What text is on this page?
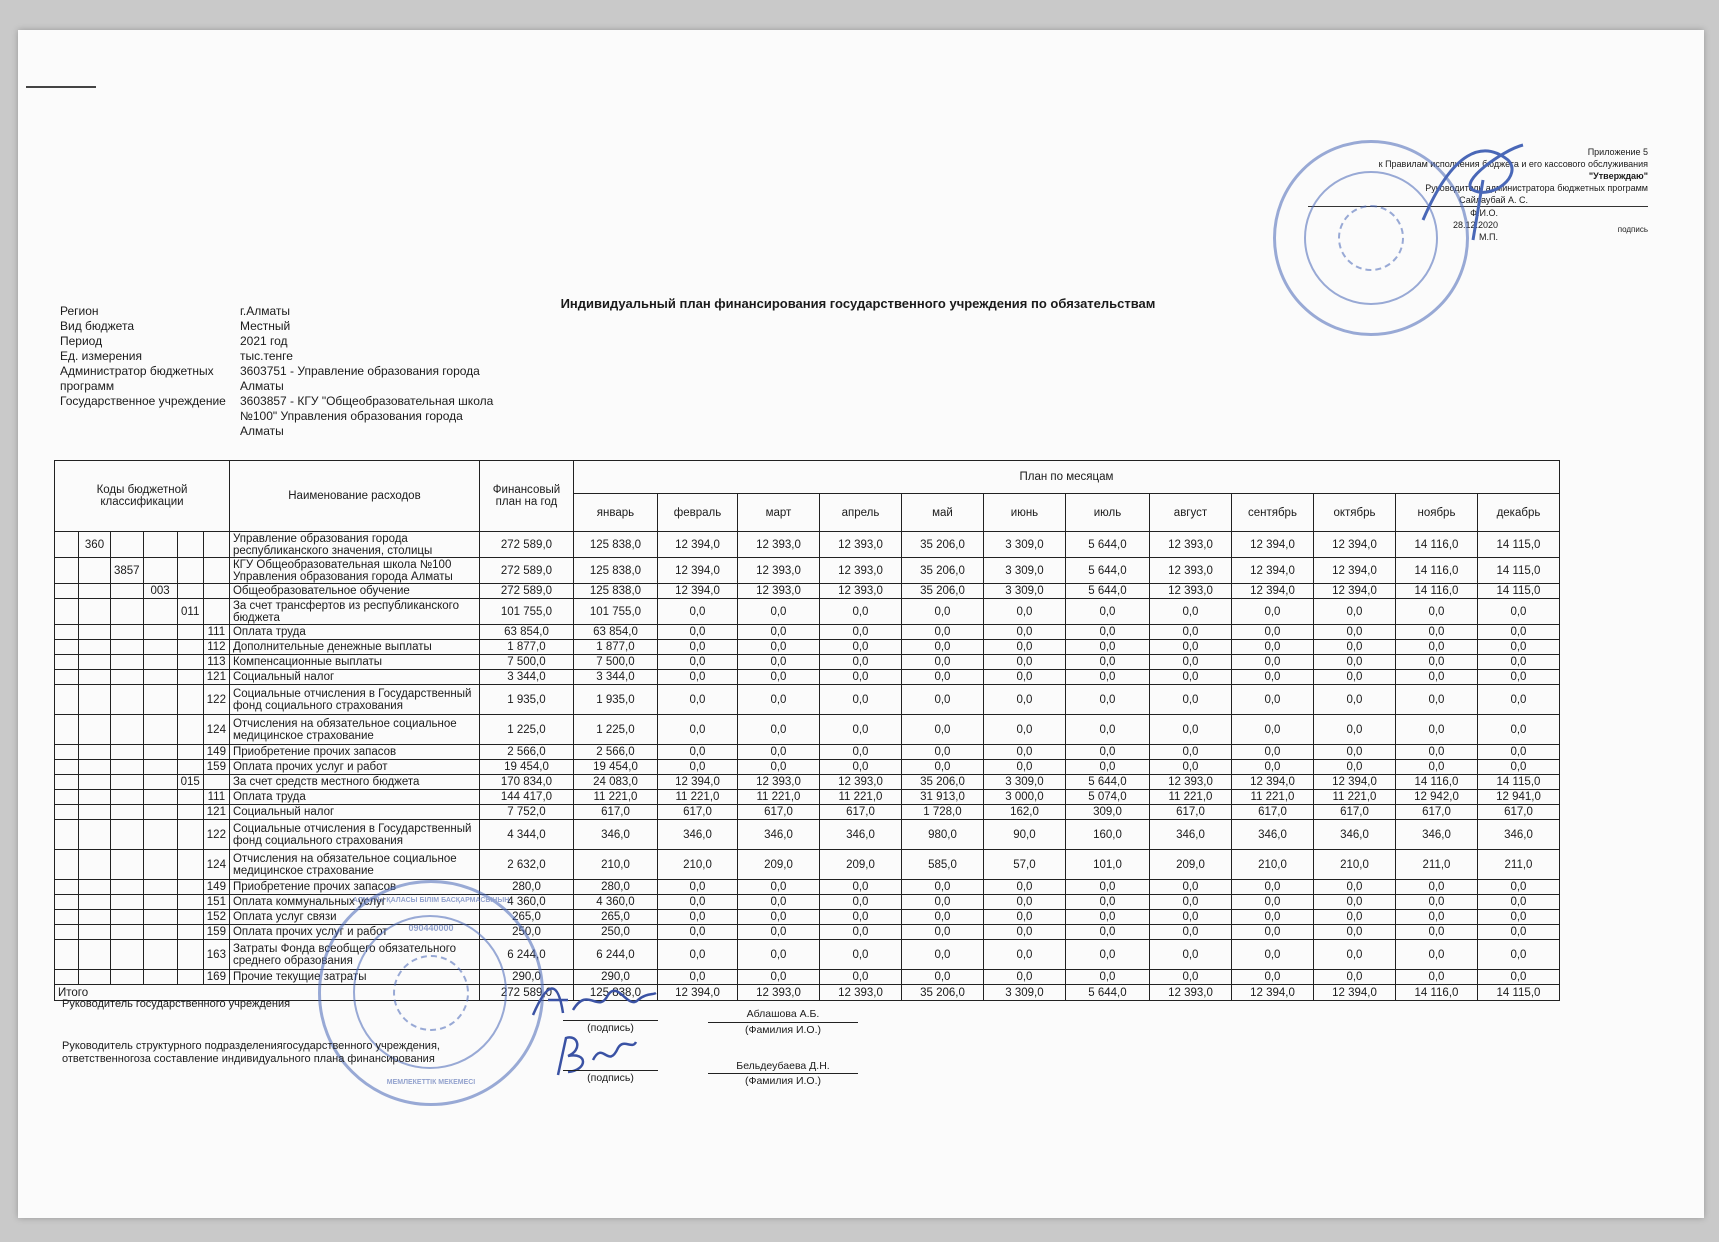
Приложение 5
к Правилам исполнения бюджета и его кассового обслуживания
"Утверждаю"
Руководитель администратора бюджетных программ
Сайлаубай А. С.
Ф.И.О.
подпись
28.12.2020
М.П.
Индивидуальный план финансирования государственного учреждения по обязательствам
Регион	г.Алматы
Вид бюджета	Местный
Период	2021 год
Ед. измерения	тыс.тенге
Администратор бюджетных программ
3603751 - Управление образования города Алматы
Государственное учреждение	3603857 - КГУ "Общеобразовательная школа №100" Управления образования города Алматы
Коды бюджетной классификации						Наименование расходов	Финансовый план на год	План по месяцам											
								январь	февраль	март	апрель	май	июнь	июль	август	сентябрь	октябрь	ноябрь	декабрь
	360					Управление образования города республиканского значения, столицы	272 589,0	125 838,0	12 394,0	12 393,0	12 393,0	35 206,0	3 309,0	5 644,0	12 393,0	12 394,0	12 394,0	14 116,0	14 115,0
		3857				КГУ Общеобразовательная школа №100 Управления образования города Алматы	272 589,0	125 838,0	12 394,0	12 393,0	12 393,0	35 206,0	3 309,0	5 644,0	12 393,0	12 394,0	12 394,0	14 116,0	14 115,0
			003			Общеобразовательное обучение	272 589,0	125 838,0	12 394,0	12 393,0	12 393,0	35 206,0	3 309,0	5 644,0	12 393,0	12 394,0	12 394,0	14 116,0	14 115,0
				011		За счет трансфертов из республиканского бюджета	101 755,0	101 755,0	0,0	0,0	0,0	0,0	0,0	0,0	0,0	0,0	0,0	0,0	0,0
					111	Оплата труда	63 854,0	63 854,0	0,0	0,0	0,0	0,0	0,0	0,0	0,0	0,0	0,0	0,0	0,0
					112	Дополнительные денежные выплаты	1 877,0	1 877,0	0,0	0,0	0,0	0,0	0,0	0,0	0,0	0,0	0,0	0,0	0,0
					113	Компенсационные выплаты	7 500,0	7 500,0	0,0	0,0	0,0	0,0	0,0	0,0	0,0	0,0	0,0	0,0	0,0
					121	Социальный налог	3 344,0	3 344,0	0,0	0,0	0,0	0,0	0,0	0,0	0,0	0,0	0,0	0,0	0,0
					122	Социальные отчисления в Государственный фонд социального страхования	1 935,0	1 935,0	0,0	0,0	0,0	0,0	0,0	0,0	0,0	0,0	0,0	0,0	0,0
					124	Отчисления на обязательное социальное медицинское страхование	1 225,0	1 225,0	0,0	0,0	0,0	0,0	0,0	0,0	0,0	0,0	0,0	0,0	0,0
					149	Приобретение прочих запасов	2 566,0	2 566,0	0,0	0,0	0,0	0,0	0,0	0,0	0,0	0,0	0,0	0,0	0,0
					159	Оплата прочих услуг и работ	19 454,0	19 454,0	0,0	0,0	0,0	0,0	0,0	0,0	0,0	0,0	0,0	0,0	0,0
				015		За счет средств местного бюджета	170 834,0	24 083,0	12 394,0	12 393,0	12 393,0	35 206,0	3 309,0	5 644,0	12 393,0	12 394,0	12 394,0	14 116,0	14 115,0
					111	Оплата труда	144 417,0	11 221,0	11 221,0	11 221,0	11 221,0	31 913,0	3 000,0	5 074,0	11 221,0	11 221,0	11 221,0	12 942,0	12 941,0
					121	Социальный налог	7 752,0	617,0	617,0	617,0	617,0	1 728,0	162,0	309,0	617,0	617,0	617,0	617,0	617,0
					122	Социальные отчисления в Государственный фонд социального страхования	4 344,0	346,0	346,0	346,0	346,0	980,0	90,0	160,0	346,0	346,0	346,0	346,0	346,0
					124	Отчисления на обязательное социальное медицинское страхование	2 632,0	210,0	210,0	209,0	209,0	585,0	57,0	101,0	209,0	210,0	210,0	211,0	211,0
					149	Приобретение прочих запасов	280,0	280,0	0,0	0,0	0,0	0,0	0,0	0,0	0,0	0,0	0,0	0,0	0,0
					151	Оплата коммунальных услуг	4 360,0	4 360,0	0,0	0,0	0,0	0,0	0,0	0,0	0,0	0,0	0,0	0,0	0,0
					152	Оплата услуг связи	265,0	265,0	0,0	0,0	0,0	0,0	0,0	0,0	0,0	0,0	0,0	0,0	0,0
					159	Оплата прочих услуг и работ	250,0	250,0	0,0	0,0	0,0	0,0	0,0	0,0	0,0	0,0	0,0	0,0	0,0
					163	Затраты Фонда всеобщего обязательного среднего образования	6 244,0	6 244,0	0,0	0,0	0,0	0,0	0,0	0,0	0,0	0,0	0,0	0,0	0,0
					169	Прочие текущие затраты	290,0	290,0	0,0	0,0	0,0	0,0	0,0	0,0	0,0	0,0	0,0	0,0	0,0
Итого							272 589,0	125 838,0	12 394,0	12 393,0	12 393,0	35 206,0	3 309,0	5 644,0	12 393,0	12 394,0	12 394,0	14 116,0	14 115,0
090440000
АЛМАТЫ ҚАЛАСЫ БІЛІМ БАСҚАРМАСЫНЫҢ
МЕМЛЕКЕТТІК МЕКЕМЕСІ
Руководитель государственного учреждения
Руководитель структурного подразделениягосударственного учреждения, ответственногоза составление индивидуального плана финансирования
(подпись)
Аблашова А.Б.
(Фамилия И.О.)
(подпись)
Бельдеубаева Д.Н.
(Фамилия И.О.)
